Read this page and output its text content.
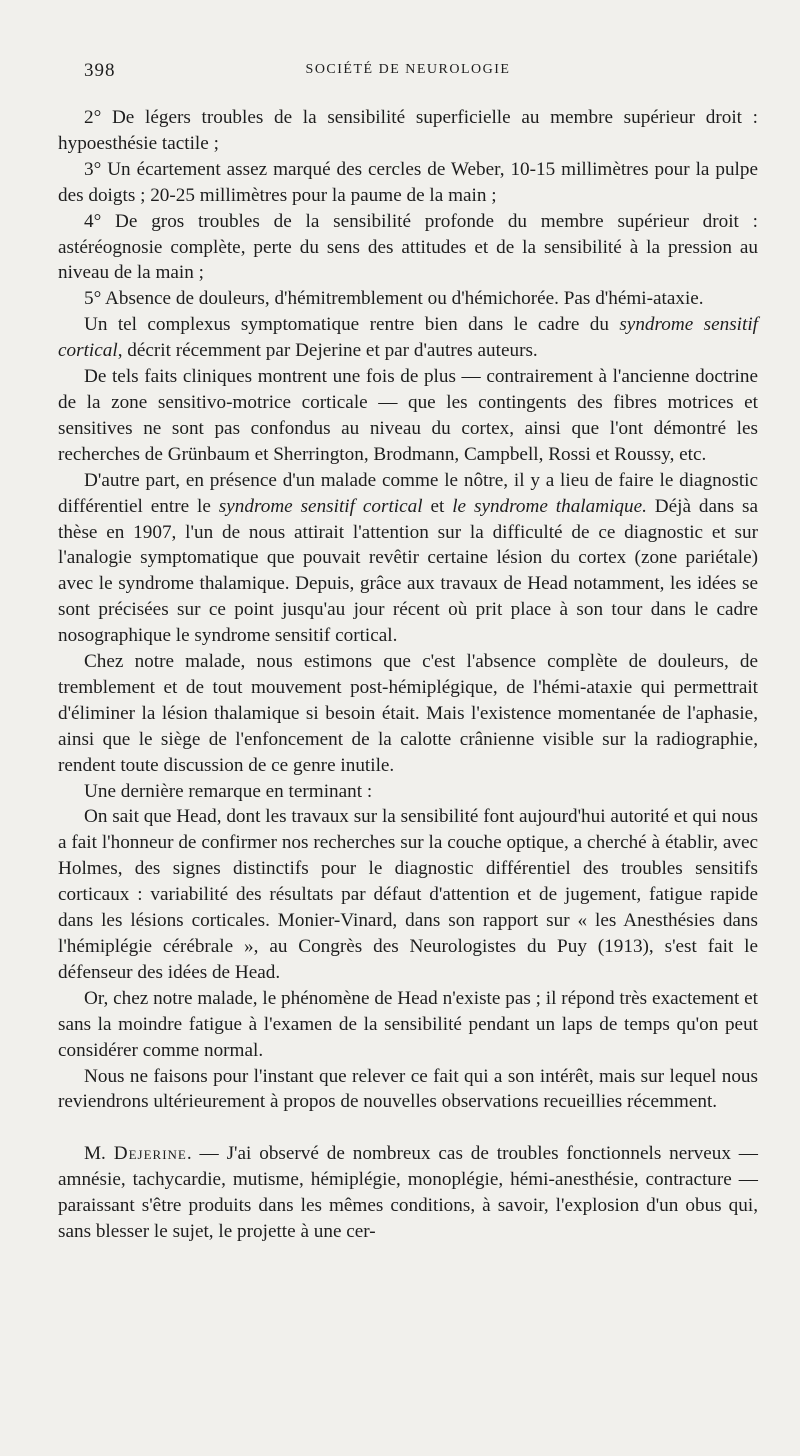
398	SOCIÉTÉ DE NEUROLOGIE

2° De légers troubles de la sensibilité superficielle au membre supérieur droit : hypoesthésie tactile ;

3° Un écartement assez marqué des cercles de Weber, 10-15 millimètres pour la pulpe des doigts ; 20-25 millimètres pour la paume de la main ;

4° De gros troubles de la sensibilité profonde du membre supérieur droit : astéréognosie complète, perte du sens des attitudes et de la sensibilité à la pression au niveau de la main ;

5° Absence de douleurs, d'hémitremblement ou d'hémichorée. Pas d'hémi-ataxie.

Un tel complexus symptomatique rentre bien dans le cadre du syndrome sensitif cortical, décrit récemment par Dejerine et par d'autres auteurs.

De tels faits cliniques montrent une fois de plus — contrairement à l'ancienne doctrine de la zone sensitivo-motrice corticale — que les contingents des fibres motrices et sensitives ne sont pas confondus au niveau du cortex, ainsi que l'ont démontré les recherches de Grünbaum et Sherrington, Brodmann, Campbell, Rossi et Roussy, etc.

D'autre part, en présence d'un malade comme le nôtre, il y a lieu de faire le diagnostic différentiel entre le syndrome sensitif cortical et le syndrome thalamique. Déjà dans sa thèse en 1907, l'un de nous attirait l'attention sur la difficulté de ce diagnostic et sur l'analogie symptomatique que pouvait revêtir certaine lésion du cortex (zone pariétale) avec le syndrome thalamique. Depuis, grâce aux travaux de Head notamment, les idées se sont précisées sur ce point jusqu'au jour récent où prit place à son tour dans le cadre nosographique le syndrome sensitif cortical.

Chez notre malade, nous estimons que c'est l'absence complète de douleurs, de tremblement et de tout mouvement post-hémiplégique, de l'hémi-ataxie qui permettrait d'éliminer la lésion thalamique si besoin était. Mais l'existence momentanée de l'aphasie, ainsi que le siège de l'enfoncement de la calotte crânienne visible sur la radiographie, rendent toute discussion de ce genre inutile.

Une dernière remarque en terminant :

On sait que Head, dont les travaux sur la sensibilité font aujourd'hui autorité et qui nous a fait l'honneur de confirmer nos recherches sur la couche optique, a cherché à établir, avec Holmes, des signes distinctifs pour le diagnostic différentiel des troubles sensitifs corticaux : variabilité des résultats par défaut d'attention et de jugement, fatigue rapide dans les lésions corticales. Monier-Vinard, dans son rapport sur « les Anesthésies dans l'hémiplégie cérébrale », au Congrès des Neurologistes du Puy (1913), s'est fait le défenseur des idées de Head.

Or, chez notre malade, le phénomène de Head n'existe pas ; il répond très exactement et sans la moindre fatigue à l'examen de la sensibilité pendant un laps de temps qu'on peut considérer comme normal.

Nous ne faisons pour l'instant que relever ce fait qui a son intérêt, mais sur lequel nous reviendrons ultérieurement à propos de nouvelles observations recueillies récemment.

M. Dejerine. — J'ai observé de nombreux cas de troubles fonctionnels nerveux — amnésie, tachycardie, mutisme, hémiplégie, monoplégie, hémi-anesthésie, contracture — paraissant s'être produits dans les mêmes conditions, à savoir, l'explosion d'un obus qui, sans blesser le sujet, le projette à une cer-
